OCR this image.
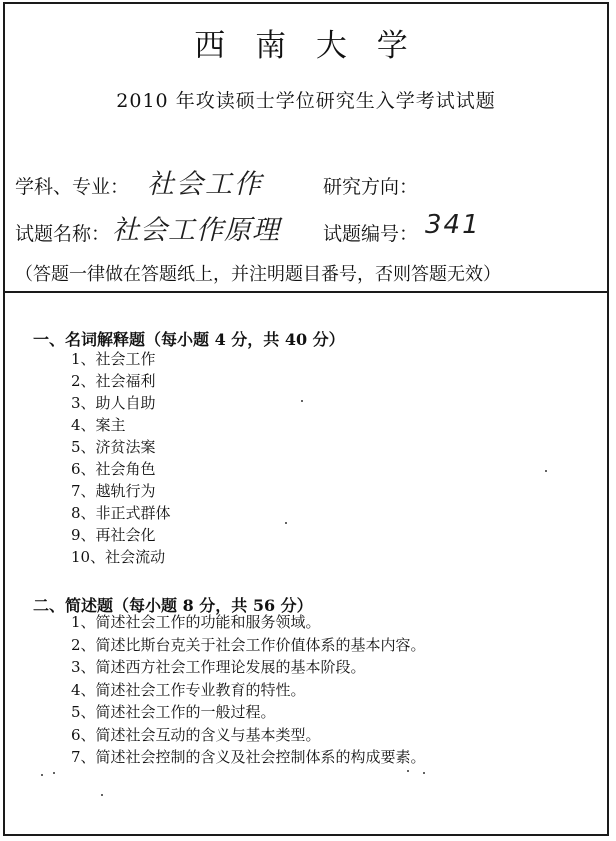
西 南 大 学
2010 年攻读硕士学位研究生入学考试试题
学科、专业： 社会工作	研究方向：
试题名称： 社会工作原理 试题编号： 341
（答题一律做在答题纸上，并注明题目番号，否则答题无效）
一、名词解释题（每小题 4 分，共 40 分）
1、社会工作
2、社会福利
3、助人自助
4、案主
5、济贫法案
6、社会角色
7、越轨行为
8、非正式群体
9、再社会化
10、社会流动
二、简述题（每小题 8 分，共 56 分）
1、简述社会工作的功能和服务领域。
2、简述比斯台克关于社会工作价值体系的基本内容。
3、简述西方社会工作理论发展的基本阶段。
4、简述社会工作专业教育的特性。
5、简述社会工作的一般过程。
6、简述社会互动的含义与基本类型。
7、简述社会控制的含义及社会控制体系的构成要素。
